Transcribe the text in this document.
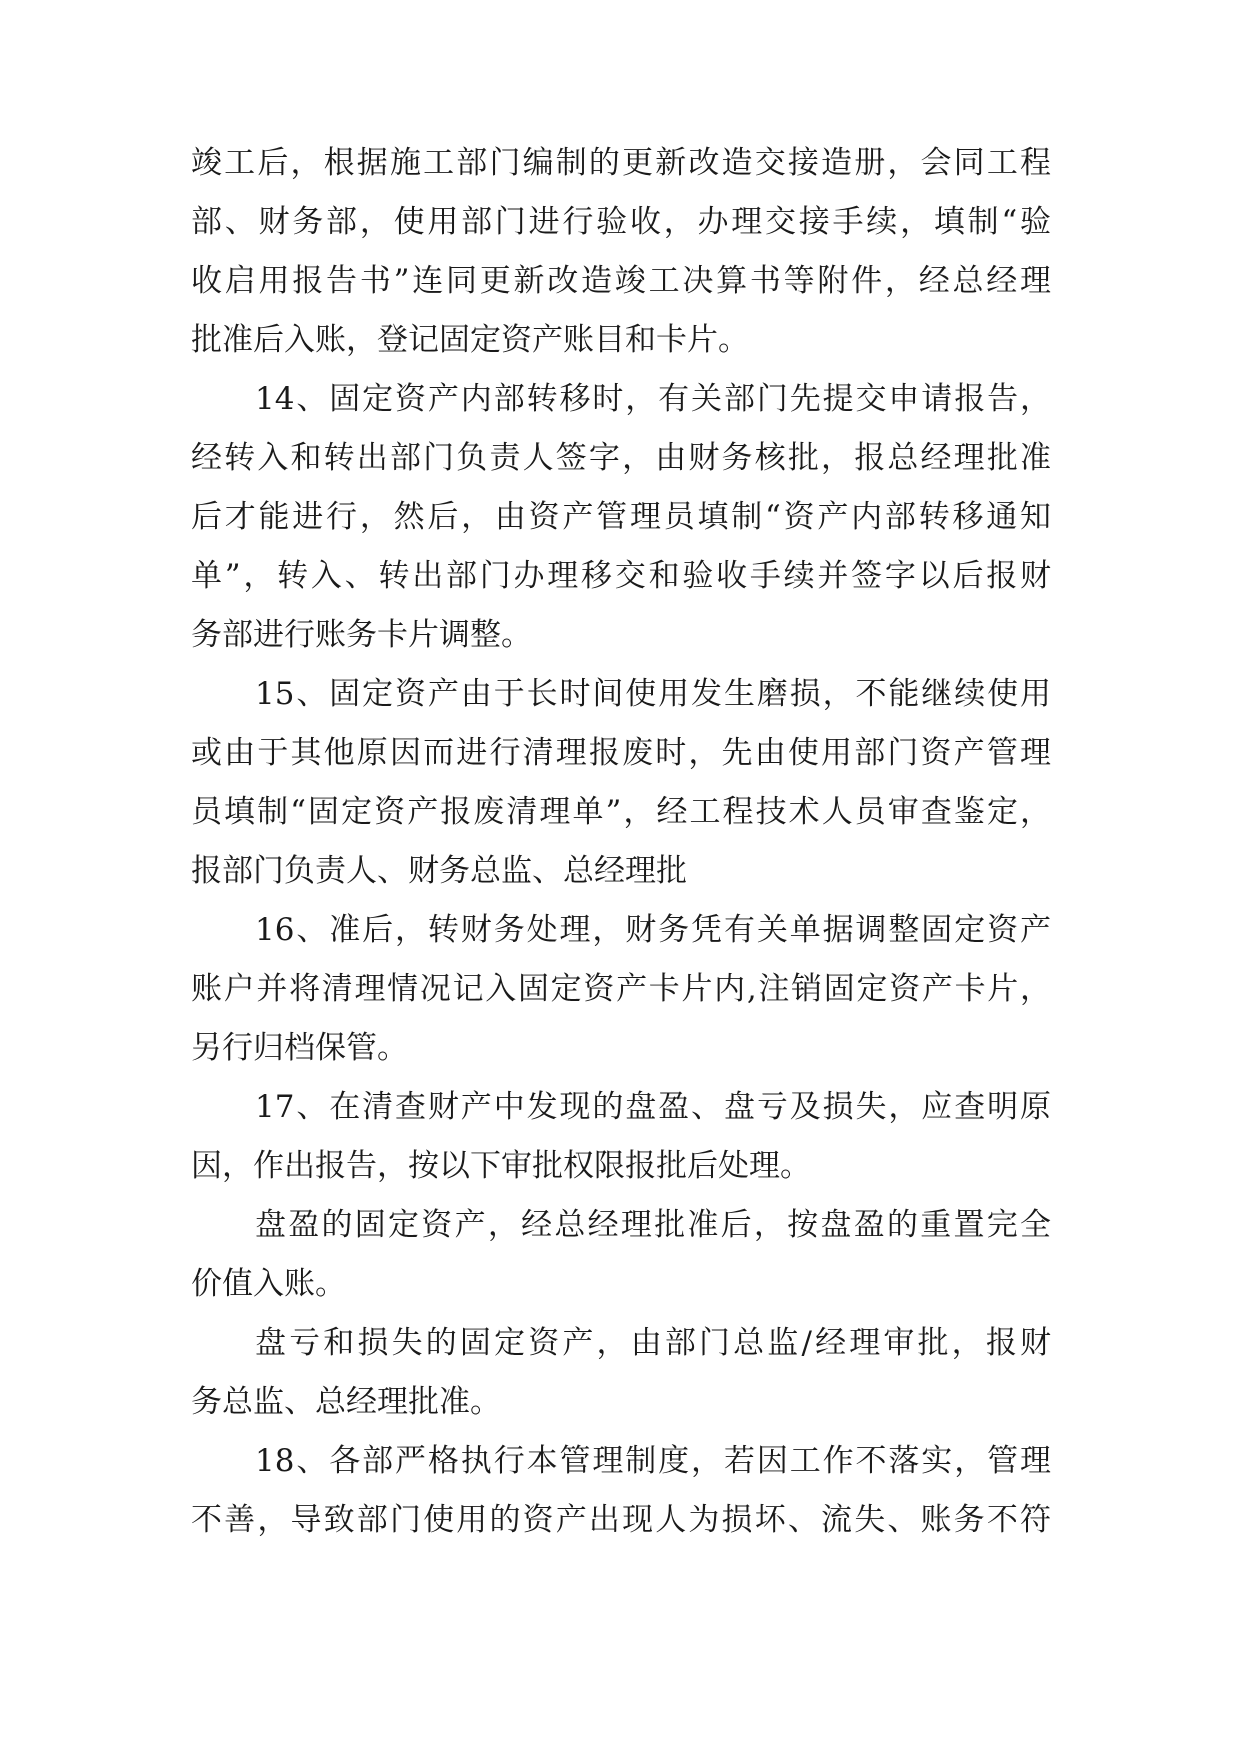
竣工后，根据施工部门编制的更新改造交接造册，会同工程
部、财务部，使用部门进行验收，办理交接手续，填制“验
收启用报告书”连同更新改造竣工决算书等附件，经总经理
批准后入账，登记固定资产账目和卡片。
14、固定资产内部转移时，有关部门先提交申请报告，
经转入和转出部门负责人签字，由财务核批，报总经理批准
后才能进行，然后，由资产管理员填制“资产内部转移通知
单”，转入、转出部门办理移交和验收手续并签字以后报财
务部进行账务卡片调整。
15、固定资产由于长时间使用发生磨损，不能继续使用
或由于其他原因而进行清理报废时，先由使用部门资产管理
员填制“固定资产报废清理单”，经工程技术人员审查鉴定，
报部门负责人、财务总监、总经理批
16、准后，转财务处理，财务凭有关单据调整固定资产
账户并将清理情况记入固定资产卡片内,注销固定资产卡片，
另行归档保管。
17、在清查财产中发现的盘盈、盘亏及损失，应查明原
因，作出报告，按以下审批权限报批后处理。
盘盈的固定资产，经总经理批准后，按盘盈的重置完全
价值入账。
盘亏和损失的固定资产，由部门总监/经理审批，报财
务总监、总经理批准。
18、各部严格执行本管理制度，若因工作不落实，管理
不善，导致部门使用的资产出现人为损坏、流失、账务不符
